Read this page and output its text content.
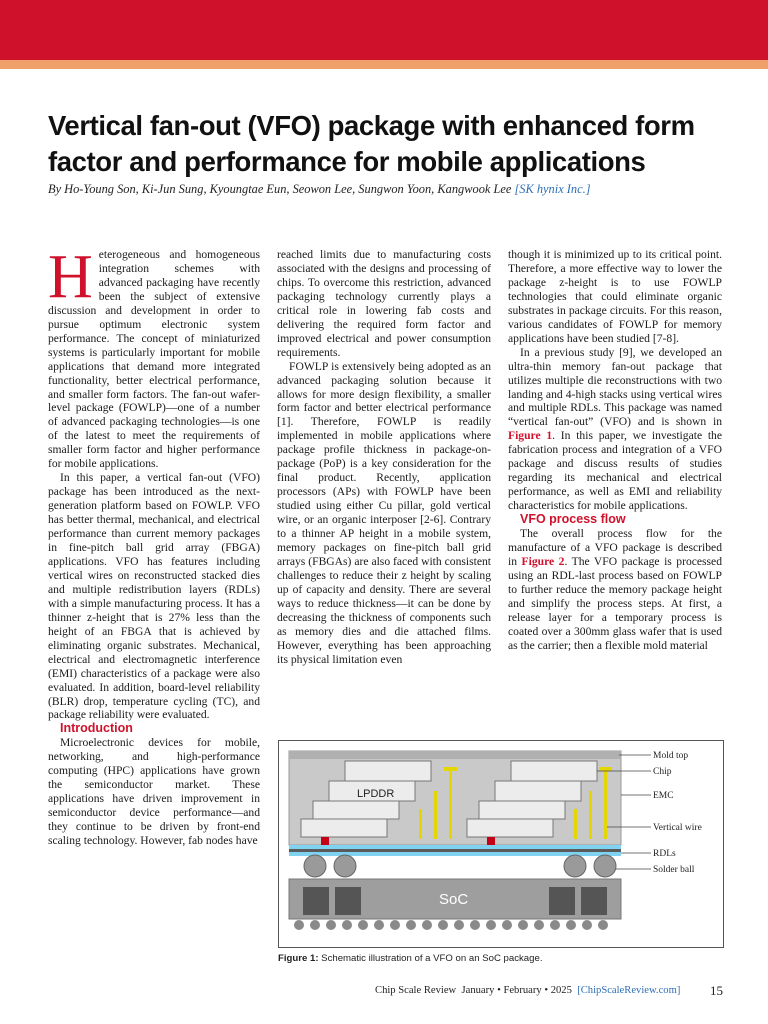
Vertical fan-out (VFO) package with enhanced form factor and performance for mobile applications
By Ho-Young Son, Ki-Jun Sung, Kyoungtae Eun, Seowon Lee, Sungwon Yoon, Kangwook Lee [SK hynix Inc.]

Heterogeneous and homogeneous integration schemes with advanced packaging have recently been the subject of extensive discussion and development in order to pursue optimum electronic system performance. The concept of miniaturized systems is particularly important for mobile applications that demand more integrated functionality, better electrical performance, and smaller form factors. The fan-out wafer-level package (FOWLP)—one of a number of advanced packaging technologies—is one of the latest to meet the requirements of smaller form factor and higher performance for mobile applications.

In this paper, a vertical fan-out (VFO) package has been introduced as the next-generation platform based on FOWLP. VFO has better thermal, mechanical, and electrical performance than current memory packages in fine-pitch ball grid array (FBGA) applications. VFO has features including vertical wires on reconstructed stacked dies and multiple redistribution layers (RDLs) with a simple manufacturing process. It has a thinner z-height that is 27% less than the height of an FBGA that is achieved by eliminating organic substrates. Mechanical, electrical and electromagnetic interference (EMI) characteristics of a package were also evaluated. In addition, board-level reliability (BLR) drop, temperature cycling (TC), and package reliability were evaluated.

Introduction

Microelectronic devices for mobile, networking, and high-performance computing (HPC) applications have grown the semiconductor market. These applications have driven improvement in semiconductor device performance—and they continue to be driven by front-end scaling technology. However, fab nodes have

reached limits due to manufacturing costs associated with the designs and processing of chips. To overcome this restriction, advanced packaging technology currently plays a critical role in lowering fab costs and delivering the required form factor and improved electrical and power consumption requirements.

FOWLP is extensively being adopted as an advanced packaging solution because it allows for more design flexibility, a smaller form factor and better electrical performance [1]. Therefore, FOWLP is readily implemented in mobile applications where package profile thickness in package-on-package (PoP) is a key consideration for the final product. Recently, application processors (APs) with FOWLP have been studied using either Cu pillar, gold vertical wire, or an organic interposer [2-6]. Contrary to a thinner AP height in a mobile system, memory packages on fine-pitch ball grid arrays (FBGAs) are also faced with consistent challenges to reduce their z height by scaling up of capacity and density. There are several ways to reduce thickness—it can be done by decreasing the thickness of components such as memory dies and die attached films. However, everything has been approaching its physical limitation even

though it is minimized up to its critical point. Therefore, a more effective way to lower the package z-height is to use FOWLP technologies that could eliminate organic substrates in package circuits. For this reason, various candidates of FOWLP for memory applications have been studied [7-8].

In a previous study [9], we developed an ultra-thin memory fan-out package that utilizes multiple die reconstructions with two landing and 4-high stacks using vertical wires and multiple RDLs. This package was named “vertical fan-out” (VFO) and is shown in Figure 1. In this paper, we investigate the fabrication process and integration of a VFO package and discuss results of studies regarding its mechanical and electrical performance, as well as EMI and reliability characteristics for mobile applications.

VFO process flow

The overall process flow for the manufacture of a VFO package is described in Figure 2. The VFO package is processed using an RDL-last process based on FOWLP to further reduce the memory package height and simplify the process steps. At first, a release layer for a temporary process is coated over a 300mm glass wafer that is used as the carrier; then a flexible mold material

LPDDR
SoC
Mold top
Chip
EMC
Vertical wire
RDLs
Solder ball
Figure 1: Schematic illustration of a VFO on an SoC package.
Chip Scale Review January • February • 2025 [ChipScaleReview.com] 15
